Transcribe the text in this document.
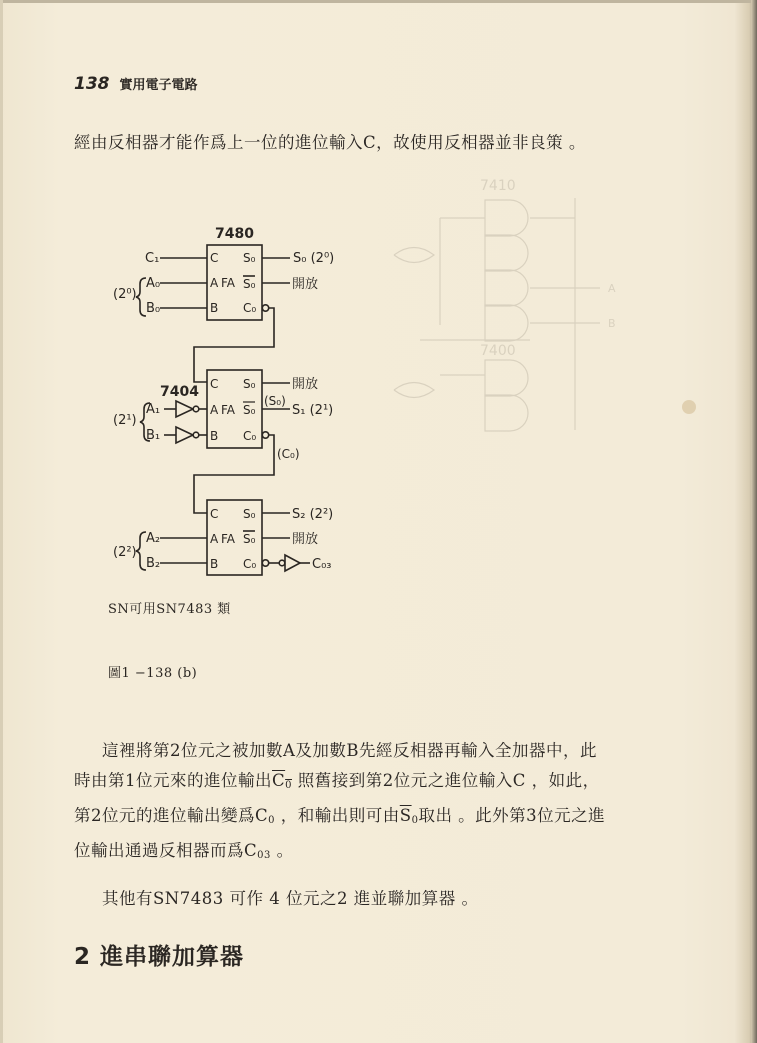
138 實用電子電路
經由反相器才能作爲上一位的進位輸入C，故使用反相器並非良策 。
7480
7404
C₁
A₀
B₀
(2⁰)
C
A
B
FA
S₀
S₀
C₀
S₀ (2⁰)
開放
A₁
B₁
(2¹)
C
A
B
FA
S₀
S₀
C₀
開放
(S₀)
S₁ (2¹)
(C₀)
A₂
B₂
(2²)
C
A
B
FA
S₀
S₀
C₀
S₂ (2²)
開放
C₀₃
SN可用SN7483 類
圖1 −138 (b)
這裡將第2位元之被加數A及加數B先經反相器再輸入全加器中，此
時由第1位元來的進位輸出$C_0$ 照舊接到第2位元之進位輸入C ，如此，
第2位元的進位輸出變爲$C_0$ ，和輸出則可由$\overline{S}_0$取出 。此外第3位元之進
位輸出通過反相器而爲$C_{03}$ 。
其他有SN7483 可作 4 位元之2 進並聯加算器 。
2 進串聯加算器
